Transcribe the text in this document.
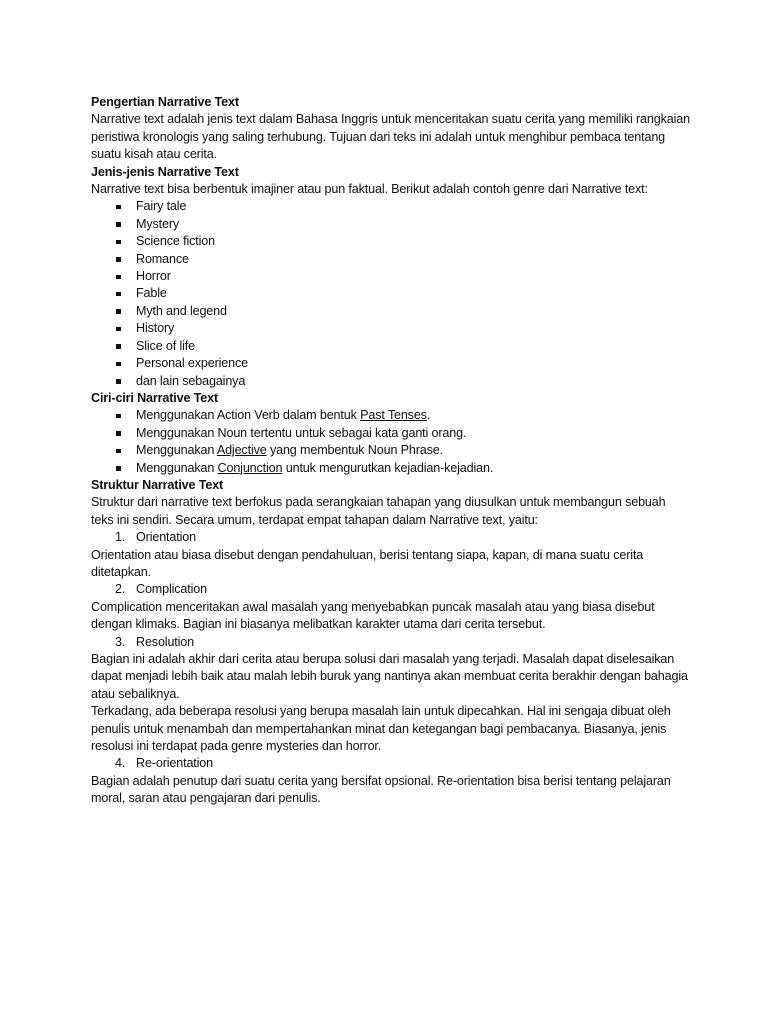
Pengertian Narrative Text

Narrative text adalah jenis text dalam Bahasa Inggris untuk menceritakan suatu cerita yang memiliki rangkaian peristiwa kronologis yang saling terhubung. Tujuan dari teks ini adalah untuk menghibur pembaca tentang suatu kisah atau cerita.

Jenis-jenis Narrative Text

Narrative text bisa berbentuk imajiner atau pun faktual. Berikut adalah contoh genre dari Narrative text:

Fairy tale
Mystery
Science fiction
Romance
Horror
Fable
Myth and legend
History
Slice of life
Personal experience
dan lain sebagainya

Ciri-ciri Narrative Text

Menggunakan Action Verb dalam bentuk Past Tenses.
Menggunakan Noun tertentu untuk sebagai kata ganti orang.
Menggunakan Adjective yang membentuk Noun Phrase.
Menggunakan Conjunction untuk mengurutkan kejadian-kejadian.

Struktur Narrative Text

Struktur dari narrative text berfokus pada serangkaian tahapan yang diusulkan untuk membangun sebuah teks ini sendiri. Secara umum, terdapat empat tahapan dalam Narrative text, yaitu:

1. Orientation

Orientation atau biasa disebut dengan pendahuluan, berisi tentang siapa, kapan, di mana suatu cerita ditetapkan.

2. Complication

Complication menceritakan awal masalah yang menyebabkan puncak masalah atau yang biasa disebut dengan klimaks. Bagian ini biasanya melibatkan karakter utama dari cerita tersebut.

3. Resolution

Bagian ini adalah akhir dari cerita atau berupa solusi dari masalah yang terjadi. Masalah dapat diselesaikan dapat menjadi lebih baik atau malah lebih buruk yang nantinya akan membuat cerita berakhir dengan bahagia atau sebaliknya.

Terkadang, ada beberapa resolusi yang berupa masalah lain untuk dipecahkan. Hal ini sengaja dibuat oleh penulis untuk menambah dan mempertahankan minat dan ketegangan bagi pembacanya. Biasanya, jenis resolusi ini terdapat pada genre mysteries dan horror.

4. Re-orientation

Bagian adalah penutup dari suatu cerita yang bersifat opsional. Re-orientation bisa berisi tentang pelajaran moral, saran atau pengajaran dari penulis.
